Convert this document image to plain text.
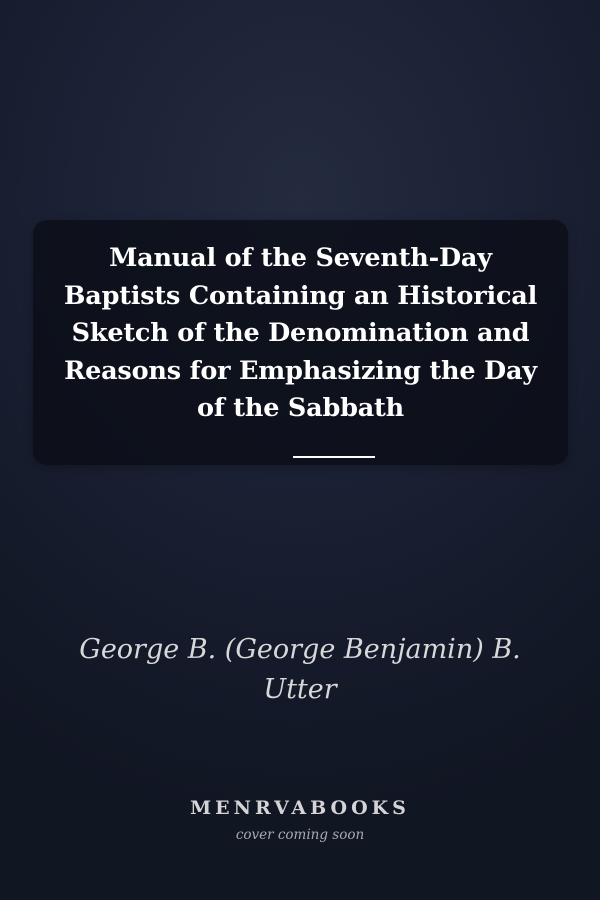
Manual of the Seventh-Day Baptists Containing an Historical Sketch of the Denomination and Reasons for Emphasizing the Day of the Sabbath

George B. (George Benjamin) B. Utter

MENRVABOOKS
cover coming soon
